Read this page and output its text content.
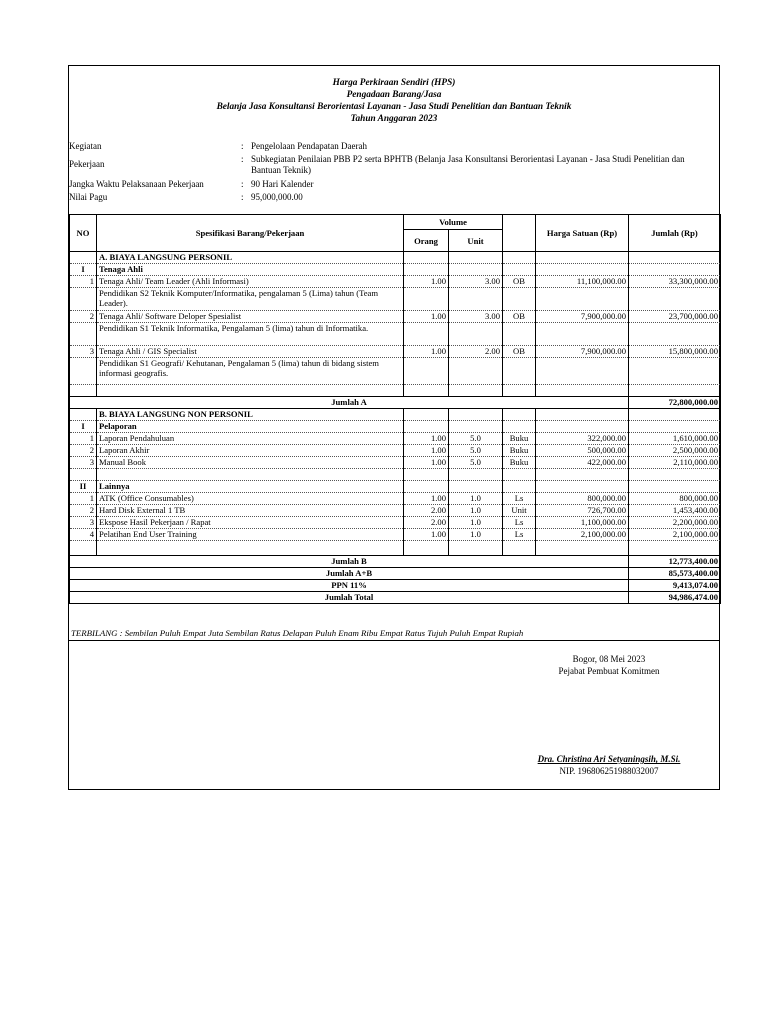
Harga Perkiraan Sendiri (HPS)
Pengadaan Barang/Jasa
Belanja Jasa Konsultansi Berorientasi Layanan - Jasa Studi Penelitian dan Bantuan Teknik
Tahun Anggaran 2023
Kegiatan	: Pengelolaan Pendapatan Daerah
Pekerjaan	: Subkegiatan Penilaian PBB P2 serta BPHTB (Belanja Jasa Konsultansi Berorientasi Layanan - Jasa Studi Penelitian dan Bantuan Teknik)
Jangka Waktu Pelaksanaan Pekerjaan	: 90 Hari Kalender
Nilai Pagu	: 95,000,000.00
NO	Spesifikasi Barang/Pekerjaan	Volume			Harga Satuan (Rp)	Jumlah (Rp)
		Orang	Unit			
	A. BIAYA LANGSUNG PERSONIL					
I	Tenaga Ahli					
1	Tenaga Ahli/ Team Leader (Ahli Informasi)	1.00	3.00	OB	11,100,000.00	33,300,000.00
	Pendidikan S2 Teknik Komputer/Informatika, pengalaman 5 (Lima) tahun (Team Leader).					
2	Tenaga Ahli/ Software Deloper Spesialist	1.00	3.00	OB	7,900,000.00	23,700,000.00
	Pendidikan S1 Teknik Informatika, Pengalaman 5 (lima) tahun di Informatika.					
3	Tenaga Ahli / GIS Specialist	1.00	2.00	OB	7,900,000.00	15,800,000.00
	Pendidikan S1 Geografi/ Kehutanan, Pengalaman 5 (lima) tahun di bidang sistem informasi geografis.					

Jumlah A						72,800,000.00
	B. BIAYA LANGSUNG NON PERSONIL					
I	Pelaporan					
1	Laporan Pendahuluan	1.00	5.0	Buku	322,000.00	1,610,000.00
2	Laporan Akhir	1.00	5.0	Buku	500,000.00	2,500,000.00
3	Manual Book	1.00	5.0	Buku	422,000.00	2,110,000.00

II	Lainnya					
1	ATK (Office Consumables)	1.00	1.0	Ls	800,000.00	800,000.00
2	Hard Disk External 1 TB	2.00	1.0	Unit	726,700.00	1,453,400.00
3	Ekspose Hasil Pekerjaan / Rapat	2.00	1.0	Ls	1,100,000.00	2,200,000.00
4	Pelatihan End User Training	1.00	1.0	Ls	2,100,000.00	2,100,000.00

Jumlah B						12,773,400.00
Jumlah A+B						85,573,400.00
PPN 11%						9,413,074.00
Jumlah Total						94,986,474.00
TERBILANG : Sembilan Puluh Empat Juta Sembilan Ratus Delapan Puluh Enam Ribu Empat Ratus Tujuh Puluh Empat Rupiah
Bogor, 08 Mei 2023
Pejabat Pembuat Komitmen
Dra. Christina Ari Setyaningsih, M.Si.
NIP. 196806251988032007
